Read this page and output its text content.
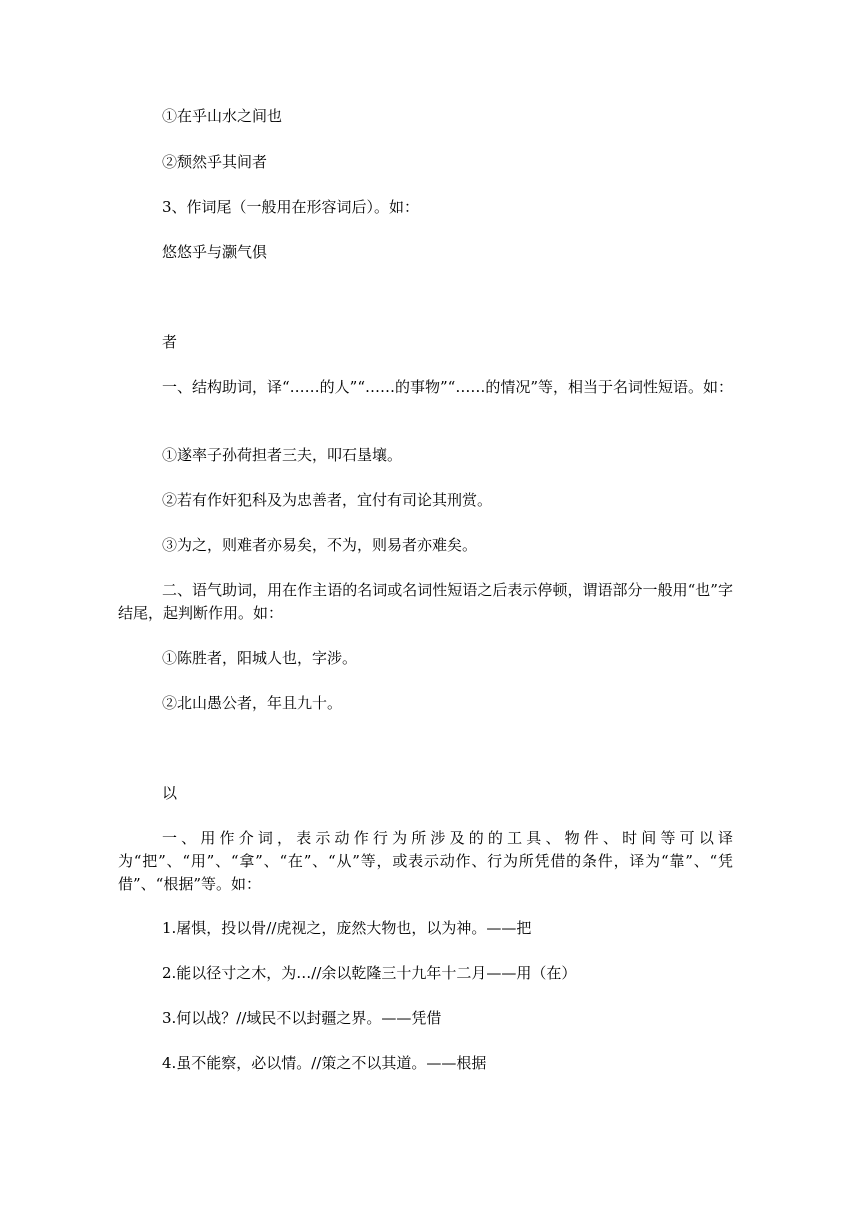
①在乎山水之间也
②颓然乎其间者
3、作词尾（一般用在形容词后）。如：
悠悠乎与灏气俱
者
一、结构助词，译“……的人”“……的事物”“……的情况”等，相当于名词性短语。如：
①遂率子孙荷担者三夫，叩石垦壤。
②若有作奸犯科及为忠善者，宜付有司论其刑赏。
③为之，则难者亦易矣，不为，则易者亦难矣。
二、语气助词，用在作主语的名词或名词性短语之后表示停顿，谓语部分一般用“也”字结尾，起判断作用。如：
①陈胜者，阳城人也，字涉。
②北山愚公者，年且九十。
以
一、用作介词，表示动作行为所涉及的的工具、物件、时间等可以译为“把”、“用”、“拿”、“在”、“从”等，或表示动作、行为所凭借的条件，译为“靠”、“凭借”、“根据”等。如：
1.屠惧，投以骨//虎视之，庞然大物也，以为神。——把
2.能以径寸之木，为…//余以乾隆三十九年十二月——用（在）
3.何以战？//域民不以封疆之界。——凭借
4.虽不能察，必以情。//策之不以其道。——根据
